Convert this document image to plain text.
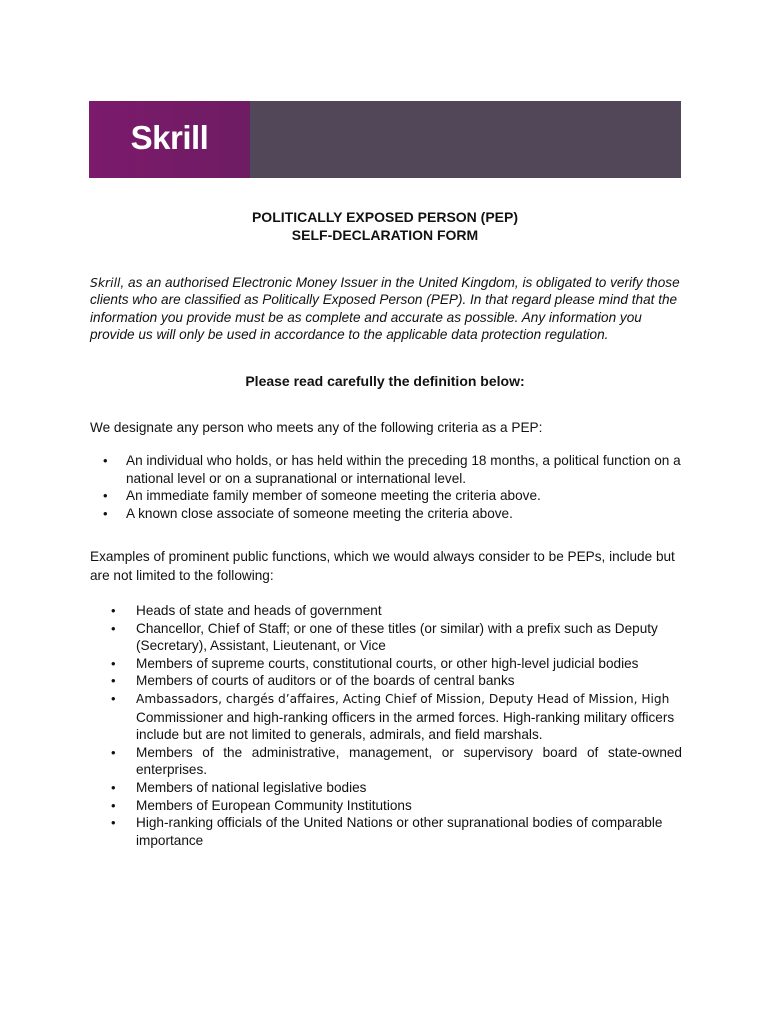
Skrill
POLITICALLY EXPOSED PERSON (PEP)
SELF-DECLARATION FORM
Skrill, as an authorised Electronic Money Issuer in the United Kingdom, is obligated to verify those clients who are classified as Politically Exposed Person (PEP). In that regard please mind that the information you provide must be as complete and accurate as possible. Any information you provide us will only be used in accordance to the applicable data protection regulation.
Please read carefully the definition below:
We designate any person who meets any of the following criteria as a PEP:
• An individual who holds, or has held within the preceding 18 months, a political function on a national level or on a supranational or international level.
• An immediate family member of someone meeting the criteria above.
• A known close associate of someone meeting the criteria above.
Examples of prominent public functions, which we would always consider to be PEPs, include but are not limited to the following:
• Heads of state and heads of government
• Chancellor, Chief of Staff; or one of these titles (or similar) with a prefix such as Deputy (Secretary), Assistant, Lieutenant, or Vice
• Members of supreme courts, constitutional courts, or other high-level judicial bodies
• Members of courts of auditors or of the boards of central banks
• Ambassadors, chargés d’affaires, Acting Chief of Mission, Deputy Head of Mission, High
Commissioner and high-ranking officers in the armed forces. High-ranking military officers include but are not limited to generals, admirals, and field marshals.
• Members of the administrative, management, or supervisory board of state-owned enterprises.
• Members of national legislative bodies
• Members of European Community Institutions
• High-ranking officials of the United Nations or other supranational bodies of comparable importance
